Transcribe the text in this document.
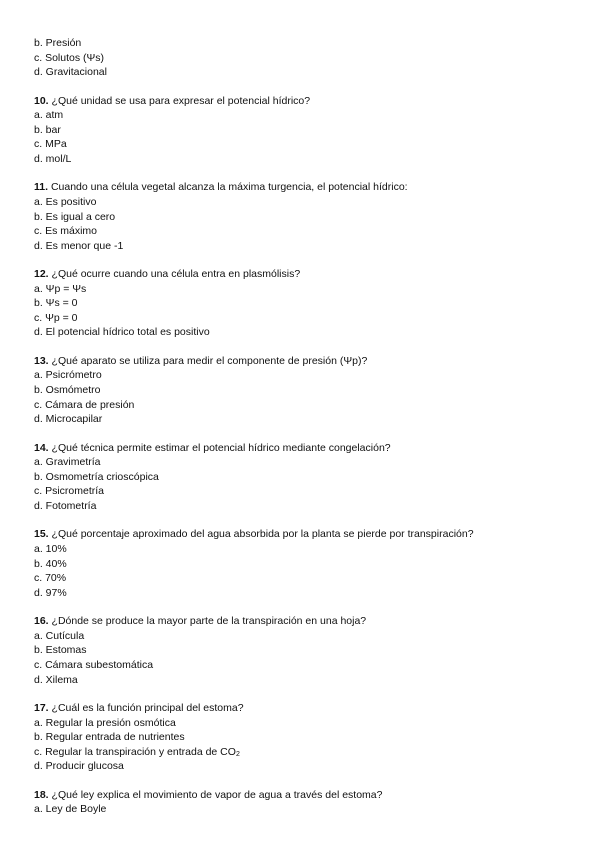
b. Presión
c. Solutos (Ψs)
d. Gravitacional
10. ¿Qué unidad se usa para expresar el potencial hídrico?
a. atm
b. bar
c. MPa
d. mol/L
11. Cuando una célula vegetal alcanza la máxima turgencia, el potencial hídrico:
a. Es positivo
b. Es igual a cero
c. Es máximo
d. Es menor que -1
12. ¿Qué ocurre cuando una célula entra en plasmólisis?
a. Ψp = Ψs
b. Ψs = 0
c. Ψp = 0
d. El potencial hídrico total es positivo
13. ¿Qué aparato se utiliza para medir el componente de presión (Ψp)?
a. Psicrómetro
b. Osmómetro
c. Cámara de presión
d. Microcapilar
14. ¿Qué técnica permite estimar el potencial hídrico mediante congelación?
a. Gravimetría
b. Osmometría crioscópica
c. Psicrometría
d. Fotometría
15. ¿Qué porcentaje aproximado del agua absorbida por la planta se pierde por transpiración?
a. 10%
b. 40%
c. 70%
d. 97%
16. ¿Dónde se produce la mayor parte de la transpiración en una hoja?
a. Cutícula
b. Estomas
c. Cámara subestomática
d. Xilema
17. ¿Cuál es la función principal del estoma?
a. Regular la presión osmótica
b. Regular entrada de nutrientes
c. Regular la transpiración y entrada de $CO_2$
d. Producir glucosa
18. ¿Qué ley explica el movimiento de vapor de agua a través del estoma?
a. Ley de Boyle
